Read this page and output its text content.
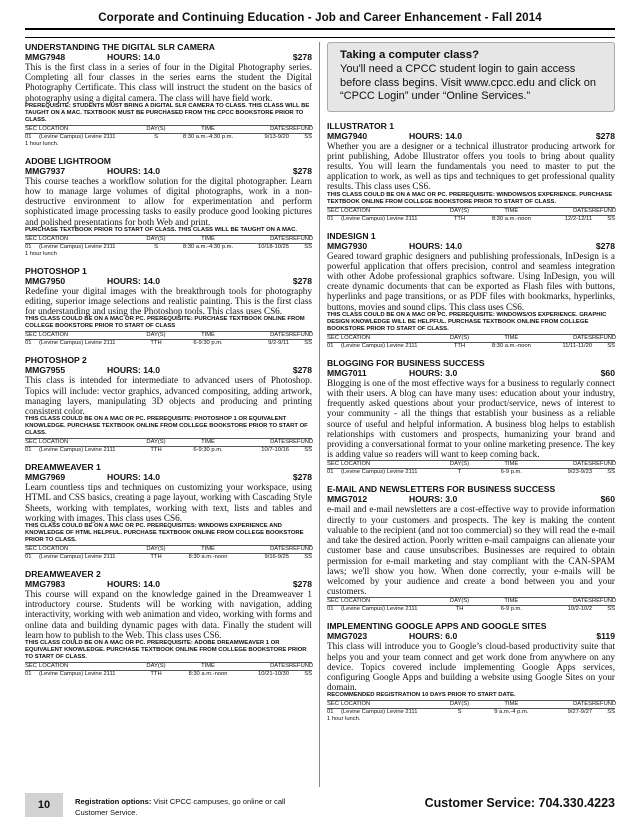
Corporate and Continuing Education - Job and Career Enhancement - Fall 2014
UNDERSTANDING THE DIGITAL SLR CAMERA
MMG7948	HOURS: 14.0	$278
This is the first class in a series of four in the Digital Photography series. Completing all four classes in the series earns the student the Digital Photography Certificate. This class will instruct the student on the basics of photography using a digital camera. The class will have field work.
PREREQUISITE: STUDENTS MUST BRING A DIGITAL SLR CAMERA TO CLASS. THIS CLASS WILL BE TAUGHT ON A MAC. TEXTBOOK MUST BE PURCHASED FROM THE CPCC BOOKSTORE PRIOR TO CLASS.
SEC LOCATION	DAY(S)	TIME	DATES REFUND
01	(Levine Campus) Levine 2111	S	8:30 a.m.-4:30 p.m.	9/13-9/20	SS
1 hour lunch.
ADOBE LIGHTROOM
MMG7937	HOURS: 14.0	$278
This course teaches a workflow solution for the digital photographer. Learn how to manage large volumes of digital photographs, work in a non-destructive environment to allow for experimentation and perform sophisticated image processing tasks to easily produce good looking pictures and polished presentations for both Web and print.
PURCHASE TEXTBOOK PRIOR TO START OF CLASS. THIS CLASS WILL BE TAUGHT ON A MAC.
SEC LOCATION	DAY(S)	TIME	DATES REFUND
01	(Levine Campus) Levine 2111	S	8:30 a.m.-4:30 p.m.	10/18-10/25	SS
1 hour lunch
PHOTOSHOP 1
MMG7950	HOURS: 14.0	$278
Redefine your digital images with the breakthrough tools for photography editing, superior image selections and realistic painting. This is the first class for understanding and using the Photoshop tools. This class uses CS6.
THIS CLASS COULD BE ON A MAC OR PC. PREREQUISITE: PURCHASE TEXTBOOK ONLINE FROM COLLEGE BOOKSTORE PRIOR TO START OF CLASS
SEC LOCATION	DAY(S)	TIME	DATES REFUND
01	(Levine Campus) Levine 2111	TTH	6-9:30 p.m.	9/2-9/11	SS
PHOTOSHOP 2
MMG7955	HOURS: 14.0	$278
This class is intended for intermediate to advanced users of Photoshop. Topics will include: vector graphics, advanced compositing, adding artwork, managing layers, manipulating 3D objects and producing and printing consistent color.
THIS CLASS COULD BE ON A MAC OR PC. PREREQUISITE: PHOTOSHOP 1 OR EQUIVALENT KNOWLEDGE. PURCHASE TEXTBOOK ONLINE FROM COLLEGE BOOKSTORE PRIOR TO START OF CLASS.
SEC LOCATION	DAY(S)	TIME	DATES REFUND
01	(Levine Campus) Levine 2111	TTH	6-9:30 p.m.	10/7-10/16	SS
DREAMWEAVER 1
MMG7969	HOURS: 14.0	$278
Learn countless tips and techniques on customizing your workspace, using HTML and CSS basics, creating a page layout, working with Cascading Style Sheets, working with templates, working with text, lists and tables and working with images. This class uses CS6.
THIS CLASS COULD BE ON A MAC OR PC. PREREQUISITES: WINDOWS EXPERIENCE AND KNOWLEDGE OF HTML HELPFUL. PURCHASE TEXTBOOK ONLINE FROM COLLEGE BOOKSTORE PRIOR TO CLASS.
SEC LOCATION	DAY(S)	TIME	DATES REFUND
01	(Levine Campus) Levine 2111	TTH	8:30 a.m.-noon	9/16-9/25	SS
DREAMWEAVER 2
MMG7983	HOURS: 14.0	$278
This course will expand on the knowledge gained in the Dreamweaver 1 introductory course. Students will be working with navigation, adding interactivity, working with web animation and video, working with forms and online data and building dynamic pages with data. Finally the student will learn how to publish to the Web. This class uses CS6.
THIS CLASS COULD BE ON A MAC OR PC. PREREQUISITE: ADOBE DREAMWEAVER 1 OR EQUIVALENT KNOWLEDGE. PURCHASE TEXTBOOK ONLINE FROM COLLEGE BOOKSTORE PRIOR TO START OF CLASS.
SEC LOCATION	DAY(S)	TIME	DATES REFUND
01	(Levine Campus) Levine 2111	TTH	8:30 a.m.-noon	10/21-10/30	SS
Taking a computer class?
You'll need a CPCC student login to gain access before class begins. Visit www.cpcc.edu and click on “CPCC Login” under “Online Services.”
ILLUSTRATOR 1
MMG7940	HOURS: 14.0	$278
Whether you are a designer or a technical illustrator producing artwork for print publishing, Adobe Illustrator offers you tools to bring about quality results. You will learn the fundamentals you need to master to put the application to work, as well as tips and techniques to get professional quality results. This class uses CS6.
THIS CLASS COULD BE ON A MAC OR PC. PREREQUISITE: WINDOWS/OS EXPERIENCE. PURCHASE TEXTBOOK ONLINE FROM COLLEGE BOOKSTORE PRIOR TO START OF CLASS.
SEC LOCATION	DAY(S)	TIME	DATES REFUND
01	(Levine Campus) Levine 2111	TTH	8:30 a.m.-noon	12/2-12/11	SS
INDESIGN 1
MMG7930	HOURS: 14.0	$278
Geared toward graphic designers and publishing professionals, InDesign is a powerful application that offers precision, control and seamless integration with other Adobe professional graphics software. Using InDesign, you will create dynamic documents that can be exported as Flash files with buttons, hyperlinks and page transitions, or as PDF files with bookmarks, hyperlinks, buttons, movies and sound clips. This class uses CS6.
THIS CLASS COULD BE ON A MAC OR PC. PREREQUISITE: WINDOWS/OS EXPERIENCE. GRAPHIC DESIGN KNOWLEDGE WILL BE HELPFUL. PURCHASE TEXTBOOK ONLINE FROM COLLEGE BOOKSTORE PRIOR TO START OF CLASS.
SEC LOCATION	DAY(S)	TIME	DATES REFUND
01	(Levine Campus) Levine 2111	TTH	8:30 a.m.-noon	11/11-11/20	SS
BLOGGING FOR BUSINESS SUCCESS
MMG7011	HOURS: 3.0	$60
Blogging is one of the most effective ways for a business to regularly connect with their users. A blog can have many uses: education about your industry, frequently asked questions about your product/service, news of interest to your community - all the things that establish your business as a reliable source of useful and helpful information. A business blog helps to establish relationships with customers and prospects, humanizing your brand and providing a conversational format to your online marketing presence. The key is adding value so readers will want to keep coming back.
SEC LOCATION	DAY(S)	TIME	DATES REFUND
01	(Levine Campus) Levine 2111	T	6-9 p.m.	9/23-9/23	SS
E-MAIL AND NEWSLETTERS FOR BUSINESS SUCCESS
MMG7012	HOURS: 3.0	$60
e-mail and e-mail newsletters are a cost-effective way to provide information directly to your customers and prospects. The key is making the content valuable to the recipient (and not too commercial) so they will read the e-mail and take the desired action. Poorly written e-mail campaigns can alienate your customer base and cause unsubscribes. Businesses are required to obtain permission for e-mail marketing and stay compliant with the CAN-SPAM laws; we'll show you how. When done correctly, your e-mails will be welcomed by your audience and create a bond between you and your customers.
SEC LOCATION	DAY(S)	TIME	DATES REFUND
01	(Levine Campus) Levine 2111	TH	6-9 p.m.	10/2-10/2	SS
IMPLEMENTING GOOGLE APPS AND GOOGLE SITES
MMG7023	HOURS: 6.0	$119
This class will introduce you to Google’s cloud-based productivity suite that helps you and your team connect and get work done from anywhere on any device. Topics covered include implementing Google Apps services, configuring Google Apps and building a website using Google Sites on your domain.
RECOMMENDED REGISTRATION 10 DAYS PRIOR TO START DATE.
SEC LOCATION	DAY(S)	TIME	DATES REFUND
01	(Levine Campus) Levine 2111	S	9 a.m.-4 p.m.	9/27-9/27	SS
1 hour lunch.
10	Registration options: Visit CPCC campuses, go online or call Customer Service.
Customer Service: 704.330.4223
